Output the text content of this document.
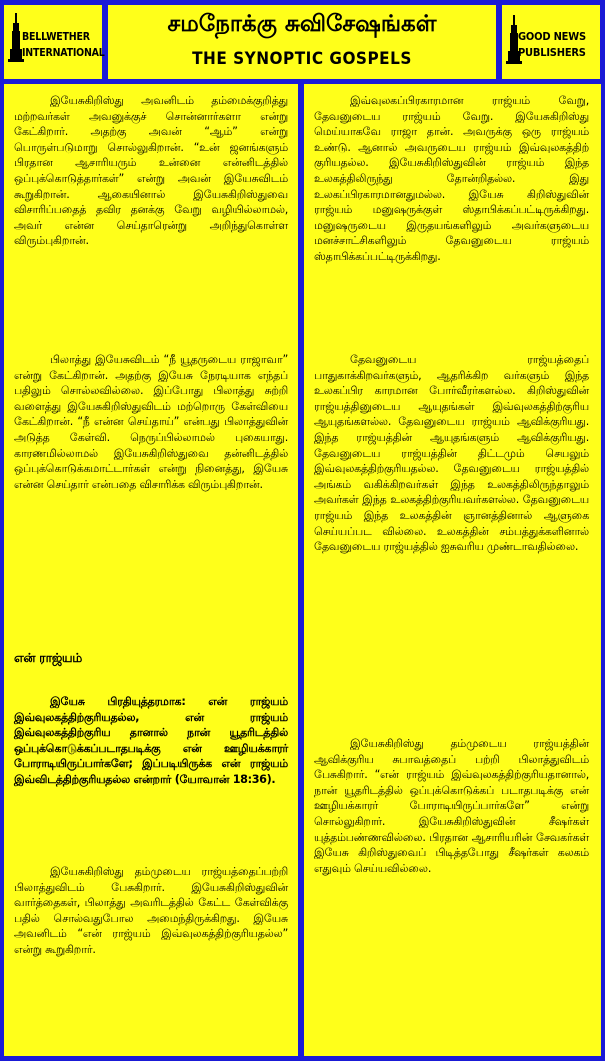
BELLWETHER
INTERNATIONAL
சமநோக்கு சுவிசேஷங்கள்
THE SYNOPTIC GOSPELS
GOOD NEWS
PUBLISHERS

இயேசுகிறிஸ்து அவனிடம் தம்மைக்குறித்து மற்றவர்கள் அவனுக்குச் சொன்னார்களா என்று கேட்கிறார். அதற்கு அவன் “ஆம்” என்று பொருள்படுமாறு சொல்லுகிறான். “உன் ஜனங்களும் பிரதான ஆசாரியரும் உன்னை என்னிடத்தில் ஒப்புக்கொடுத்தார்கள்” என்று அவன் இயேசுவிடம் கூறுகிறான். ஆகையினால் இயேசுகிறிஸ்துவை விசாரிப்பதைத் தவிர தனக்கு வேறு வழியில்லாமல், அவர் என்ன செய்தாரென்று அறிந்துகொள்ள விரும்புகிறான்.

பிலாத்து இயேசுவிடம் “நீ யூதருடைய ராஜாவா” என்று கேட்கிறான். அதற்கு இயேசு நேரடியாக எந்தப் பதிலும் சொல்லவில்லை. இப்போது பிலாத்து சுற்றி வளைத்து இயேசுகிறிஸ்துவிடம் மற்றொரு கேள்வியை கேட்கிறான். “நீ என்ன செய்தாய்” என்பது பிலாத்துவின் அடுத்த கேள்வி. நெருப்பில்லாமல் புகையாது. காரணமில்லாமல் இயேசுகிறிஸ்துவை தன்னிடத்தில் ஒப்புக்கொடுக்கமாட்டார்கள் என்று நினைத்து, இயேசு என்ன செய்தார் என்பதை விசாரிக்க விரும்புகிறான்.

என் ராஜ்யம்

இயேசு பிரதியுத்தரமாக: என் ராஜ்யம் இவ்வுலகத்திற்குரியதல்ல, என் ராஜ்யம் இவ்வுலகத்திற்குரிய தானால் நான் யூதரிடத்தில் ஒப்புக்கொடுக்கப்படாதபடிக்கு என் ஊழியக்காரர் போராடியிருப்பார்களே; இப்படியிருக்க என் ராஜ்யம் இவ்விடத்திற்குரியதல்ல என்றார் (யோவான் 18:36).

இயேசுகிறிஸ்து தம்முடைய ராஜ்யத்தைப்பற்றி பிலாத்துவிடம் பேசுகிறார். இயேசுகிறிஸ்துவின் வார்த்தைகள், பிலாத்து அவரிடத்தில் கேட்ட கேள்விக்கு பதில் சொல்வதுபோல அமைந்திருக்கிறது. இயேசு அவனிடம் “என் ராஜ்யம் இவ்வுலகத்திற்குரியதல்ல” என்று கூறுகிறார்.

இவ்வுலகப்பிரகாரமான ராஜ்யம் வேறு, தேவனுடைய ராஜ்யம் வேறு. இயேசுகிறிஸ்து மெய்யாகவே ராஜா தான். அவருக்கு ஒரு ராஜ்யம் உண்டு. ஆனால் அவருடைய ராஜ்யம் இவ்வுலகத்திற் குரியதல்ல. இயேசுகிறிஸ்துவின் ராஜ்யம் இந்த உலகத்திலிருந்து தோன்றிதல்ல. இது உலகப்பிரகாரமானதுமல்ல. இயேசு கிறிஸ்துவின் ராஜ்யம் மனுஷருக்குள் ஸ்தாபிக்கப்பட்டிருக்கிறது. மனுஷருடைய இருதயங்களிலும் அவர்களுடைய மனச்சாட்சிகளிலும் தேவனுடைய ராஜ்யம் ஸ்தாபிக்கப்பட்டிருக்கிறது.

தேவனுடைய ராஜ்யத்தைப் பாதுகாக்கிறவர்களும், ஆதரிக்கிற வர்களும் இந்த உலகப்பிர காரமான போர்வீரர்களல்ல. கிறிஸ்துவின் ராஜ்யத்தினுடைய ஆயுதங்கள் இவ்வுலகத்திற்குரிய ஆயுதங்களல்ல. தேவனுடைய ராஜ்யம் ஆவிக்குரியது. இந்த ராஜ்யத்தின் ஆயுதங்களும் ஆவிக்குரியது. தேவனுடைய ராஜ்யத்தின் திட்டமும் செயலும் இவ்வுலகத்திற்குரியதல்ல. தேவனுடைய ராஜ்யத்தில் அங்கம் வகிக்கிறவர்கள் இந்த உலகத்திலிருந்தாலும் அவர்கள் இந்த உலகத்திற்குரியவர்களல்ல. தேவனுடைய ராஜ்யம் இந்த உலகத்தின் ஞானத்தினால் ஆளுகை செய்யப்பட வில்லை. உலகத்தின் சம்பத்துக்களினால் தேவனுடைய ராஜ்யத்தில் ஐசுவரிய முண்டாவதில்லை.

இயேசுகிறிஸ்து தம்முடைய ராஜ்யத்தின் ஆவிக்குரிய சுபாவத்தைப் பற்றி பிலாத்துவிடம் பேசுகிறார். “என் ராஜ்யம் இவ்வுலகத்திற்குரியதானால், நான் யூதரிடத்தில் ஒப்புக்கொடுக்கப் படாதபடிக்கு என் ஊழியக்காரர் போராடியிருப்பார்களே” என்று சொல்லுகிறார். இயேசுகிறிஸ்துவின் சீஷர்கள் யுத்தம்பண்ணவில்லை. பிரதான ஆசாரியரின் சேவகர்கள் இயேசு கிறிஸ்துவைப் பிடித்தபோது சீஷர்கள் கலகம் எதுவும் செய்யவில்லை.
